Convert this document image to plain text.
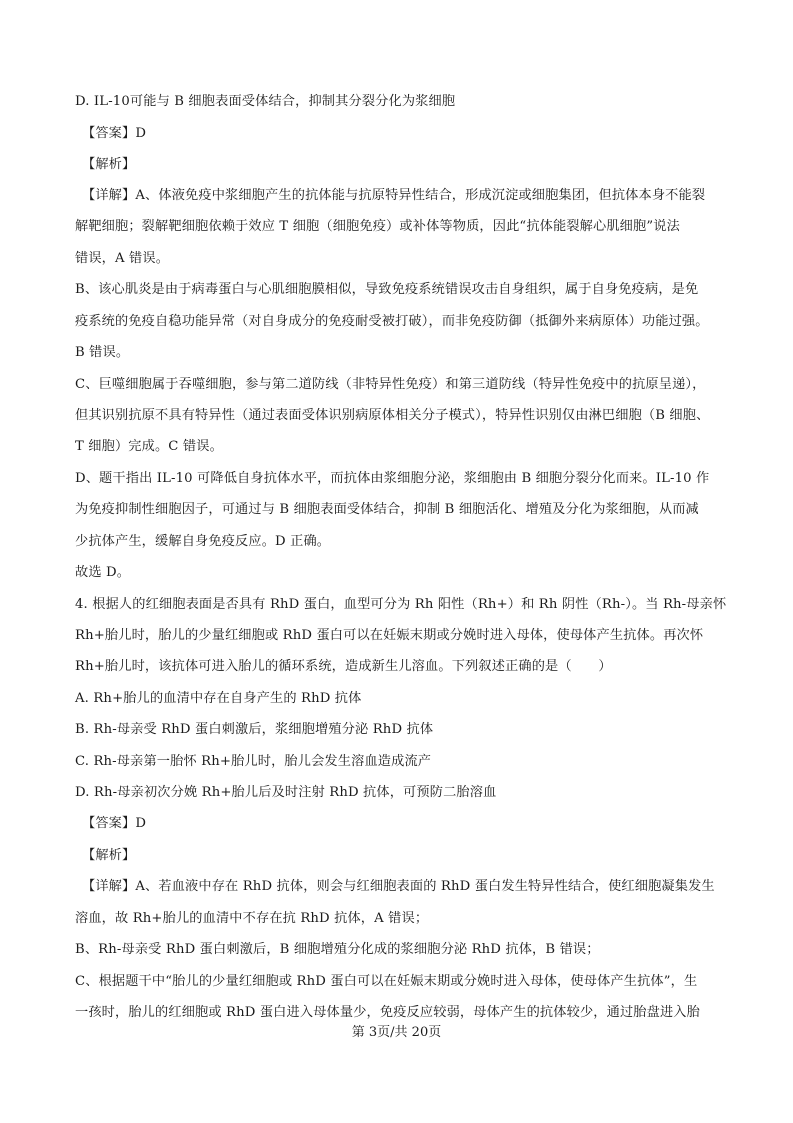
D. IL-10可能与 B 细胞表面受体结合，抑制其分裂分化为浆细胞
【答案】D
【解析】
【详解】A、体液免疫中浆细胞产生的抗体能与抗原特异性结合，形成沉淀或细胞集团，但抗体本身不能裂
解靶细胞；裂解靶细胞依赖于效应 T 细胞（细胞免疫）或补体等物质，因此“抗体能裂解心肌细胞”说法
错误，A 错误。
B、该心肌炎是由于病毒蛋白与心肌细胞膜相似，导致免疫系统错误攻击自身组织，属于自身免疫病，是免
疫系统的免疫自稳功能异常（对自身成分的免疫耐受被打破），而非免疫防御（抵御外来病原体）功能过强。
B 错误。
C、巨噬细胞属于吞噬细胞，参与第二道防线（非特异性免疫）和第三道防线（特异性免疫中的抗原呈递），
但其识别抗原不具有特异性（通过表面受体识别病原体相关分子模式），特异性识别仅由淋巴细胞（B 细胞、
T 细胞）完成。C 错误。
D、题干指出 IL-10 可降低自身抗体水平，而抗体由浆细胞分泌，浆细胞由 B 细胞分裂分化而来。IL-10 作
为免疫抑制性细胞因子，可通过与 B 细胞表面受体结合，抑制 B 细胞活化、增殖及分化为浆细胞，从而减
少抗体产生，缓解自身免疫反应。D 正确。
故选 D。
4. 根据人的红细胞表面是否具有 RhD 蛋白，血型可分为 Rh 阳性（Rh+）和 Rh 阴性（Rh-）。当 Rh-母亲怀
Rh+胎儿时，胎儿的少量红细胞或 RhD 蛋白可以在妊娠末期或分娩时进入母体，使母体产生抗体。再次怀
Rh+胎儿时，该抗体可进入胎儿的循环系统，造成新生儿溶血。下列叙述正确的是（　　）
A. Rh+胎儿的血清中存在自身产生的 RhD 抗体
B. Rh-母亲受 RhD 蛋白刺激后，浆细胞增殖分泌 RhD 抗体
C. Rh-母亲第一胎怀 Rh+胎儿时，胎儿会发生溶血造成流产
D. Rh-母亲初次分娩 Rh+胎儿后及时注射 RhD 抗体，可预防二胎溶血
【答案】D
【解析】
【详解】A、若血液中存在 RhD 抗体，则会与红细胞表面的 RhD 蛋白发生特异性结合，使红细胞凝集发生
溶血，故 Rh+胎儿的血清中不存在抗 RhD 抗体，A 错误；
B、Rh-母亲受 RhD 蛋白刺激后，B 细胞增殖分化成的浆细胞分泌 RhD 抗体，B 错误；
C、根据题干中“胎儿的少量红细胞或 RhD 蛋白可以在妊娠末期或分娩时进入母体，使母体产生抗体”，生
一孩时，胎儿的红细胞或 RhD 蛋白进入母体量少，免疫反应较弱，母体产生的抗体较少，通过胎盘进入胎
第 3页/共 20页
